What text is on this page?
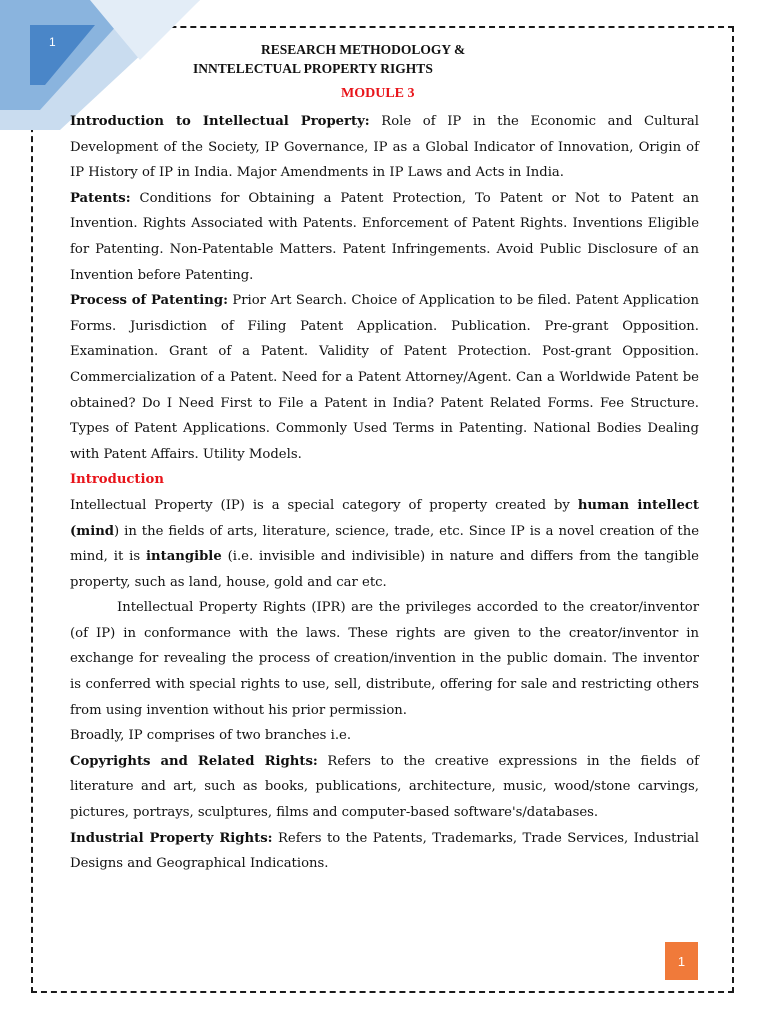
1	RESEARCH METHODOLOGY &
INNTELECTUAL PROPERTY RIGHTS
MODULE 3

Introduction to Intellectual Property: Role of IP in the Economic and Cultural Development of the Society, IP Governance, IP as a Global Indicator of Innovation, Origin of IP History of IP in India. Major Amendments in IP Laws and Acts in India.

Patents: Conditions for Obtaining a Patent Protection, To Patent or Not to Patent an Invention. Rights Associated with Patents. Enforcement of Patent Rights. Inventions Eligible for Patenting. Non-Patentable Matters. Patent Infringements. Avoid Public Disclosure of an Invention before Patenting.

Process of Patenting: Prior Art Search. Choice of Application to be filed. Patent Application Forms. Jurisdiction of Filing Patent Application. Publication. Pre-grant Opposition. Examination. Grant of a Patent. Validity of Patent Protection. Post-grant Opposition. Commercialization of a Patent. Need for a Patent Attorney/Agent. Can a Worldwide Patent be obtained? Do I Need First to File a Patent in India? Patent Related Forms. Fee Structure. Types of Patent Applications. Commonly Used Terms in Patenting. National Bodies Dealing with Patent Affairs. Utility Models.

Introduction

Intellectual Property (IP) is a special category of property created by human intellect (mind) in the fields of arts, literature, science, trade, etc. Since IP is a novel creation of the mind, it is intangible (i.e. invisible and indivisible) in nature and differs from the tangible property, such as land, house, gold and car etc.

Intellectual Property Rights (IPR) are the privileges accorded to the creator/inventor (of IP) in conformance with the laws. These rights are given to the creator/inventor in exchange for revealing the process of creation/invention in the public domain. The inventor is conferred with special rights to use, sell, distribute, offering for sale and restricting others from using invention without his prior permission.

Broadly, IP comprises of two branches i.e.

Copyrights and Related Rights: Refers to the creative expressions in the fields of literature and art, such as books, publications, architecture, music, wood/stone carvings, pictures, portrays, sculptures, films and computer-based software's/databases.

Industrial Property Rights: Refers to the Patents, Trademarks, Trade Services, Industrial Designs and Geographical Indications.

1
